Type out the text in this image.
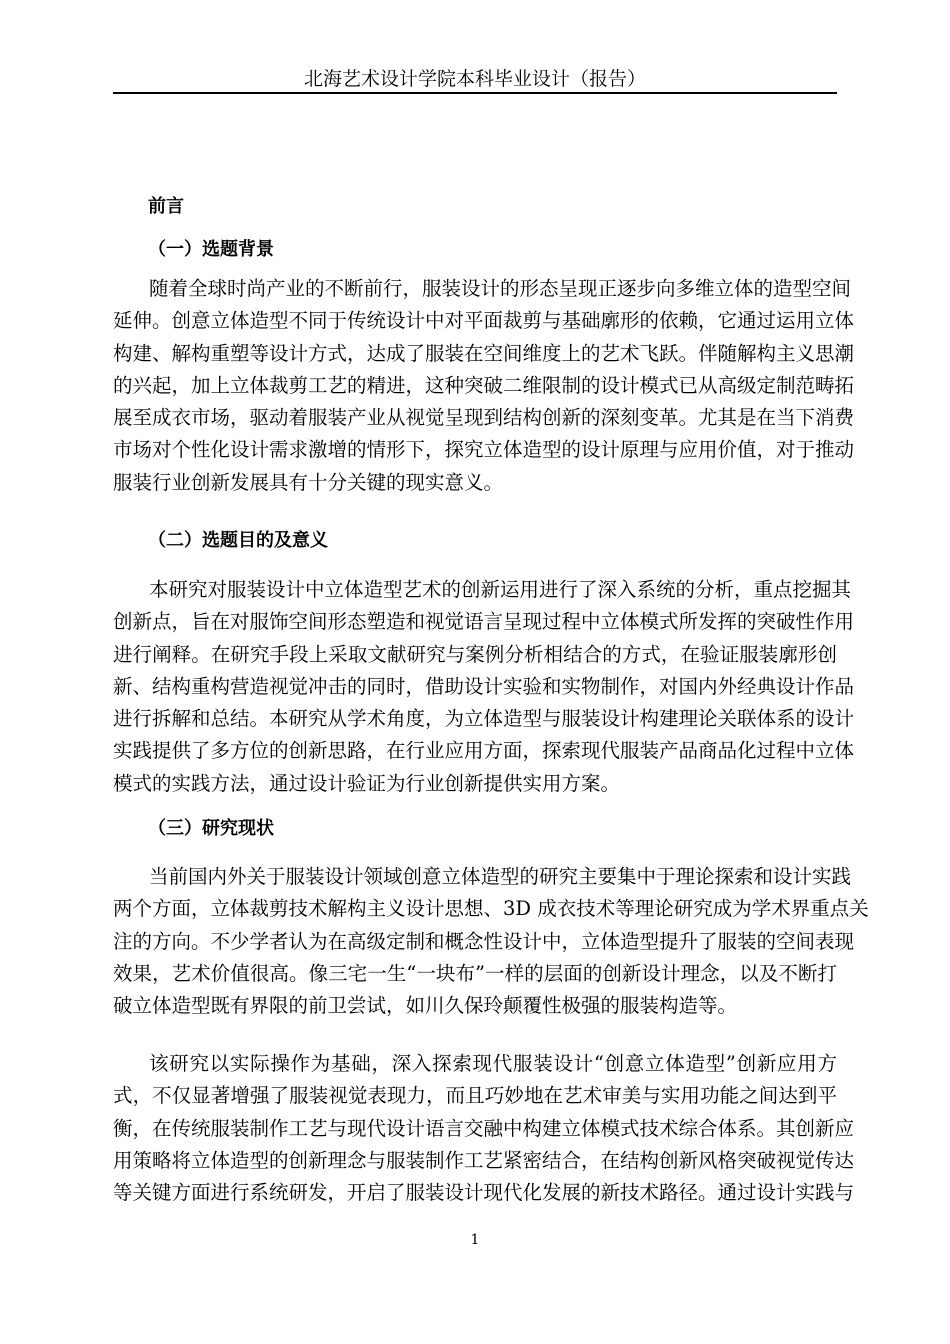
北海艺术设计学院本科毕业设计（报告）
前言
（一）选题背景
随着全球时尚产业的不断前行，服装设计的形态呈现正逐步向多维立体的造型空间
延伸。创意立体造型不同于传统设计中对平面裁剪与基础廓形的依赖，它通过运用立体
构建、解构重塑等设计方式，达成了服装在空间维度上的艺术飞跃。伴随解构主义思潮
的兴起，加上立体裁剪工艺的精进，这种突破二维限制的设计模式已从高级定制范畴拓
展至成衣市场，驱动着服装产业从视觉呈现到结构创新的深刻变革。尤其是在当下消费
市场对个性化设计需求激增的情形下，探究立体造型的设计原理与应用价值，对于推动
服装行业创新发展具有十分关键的现实意义。
（二）选题目的及意义
本研究对服装设计中立体造型艺术的创新运用进行了深入系统的分析，重点挖掘其
创新点，旨在对服饰空间形态塑造和视觉语言呈现过程中立体模式所发挥的突破性作用
进行阐释。在研究手段上采取文献研究与案例分析相结合的方式，在验证服装廓形创
新、结构重构营造视觉冲击的同时，借助设计实验和实物制作，对国内外经典设计作品
进行拆解和总结。本研究从学术角度，为立体造型与服装设计构建理论关联体系的设计
实践提供了多方位的创新思路，在行业应用方面，探索现代服装产品商品化过程中立体
模式的实践方法，通过设计验证为行业创新提供实用方案。
（三）研究现状
当前国内外关于服装设计领域创意立体造型的研究主要集中于理论探索和设计实践
两个方面，立体裁剪技术解构主义设计思想、3D 成衣技术等理论研究成为学术界重点关
注的方向。不少学者认为在高级定制和概念性设计中，立体造型提升了服装的空间表现
效果，艺术价值很高。像三宅一生“一块布”一样的层面的创新设计理念，以及不断打
破立体造型既有界限的前卫尝试，如川久保玲颠覆性极强的服装构造等。
该研究以实际操作为基础，深入探索现代服装设计“创意立体造型”创新应用方
式，不仅显著增强了服装视觉表现力，而且巧妙地在艺术审美与实用功能之间达到平
衡，在传统服装制作工艺与现代设计语言交融中构建立体模式技术综合体系。其创新应
用策略将立体造型的创新理念与服装制作工艺紧密结合，在结构创新风格突破视觉传达
等关键方面进行系统研发，开启了服装设计现代化发展的新技术路径。通过设计实践与
1
